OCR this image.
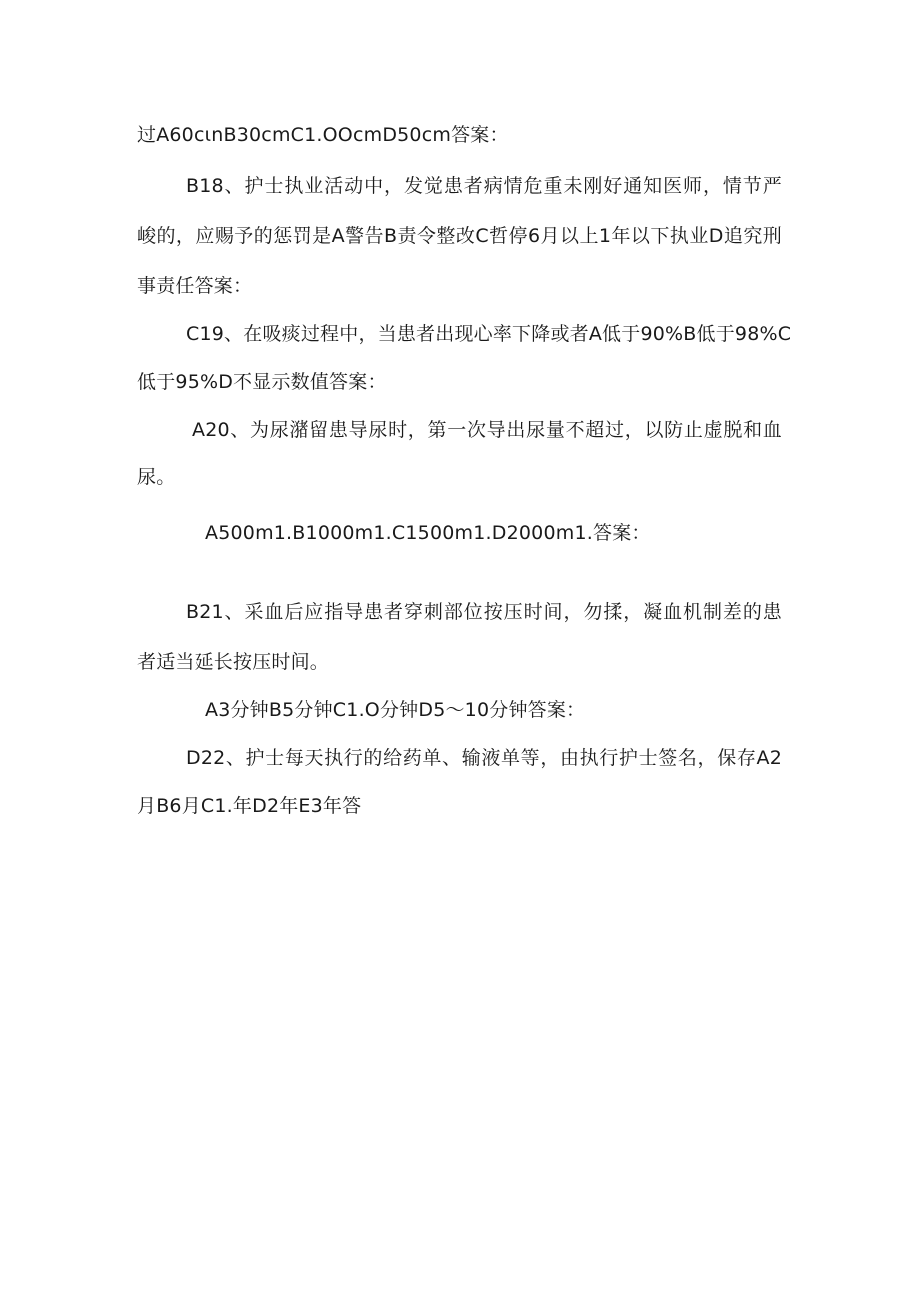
过A60cιnB30cmC1.OOcmD50cm答案：
B18、护士执业活动中，发觉患者病情危重未刚好通知医师，情节严
峻的，应赐予的惩罚是A警告B责令整改C哲停6月以上1年以下执业D追究刑
事责任答案：
C19、在吸痰过程中，当患者出现心率下降或者A低于90%B低于98%C
低于95%D不显示数值答案：
A20、为尿潴留患导尿时，第一次导出尿量不超过，以防止虚脱和血
尿。
A500m1.B1000m1.C1500m1.D2000m1.答案：
B21、采血后应指导患者穿刺部位按压时间，勿揉，凝血机制差的患
者适当延长按压时间。
A3分钟B5分钟C1.O分钟D5〜10分钟答案：
D22、护士每天执行的给药单、输液单等，由执行护士签名，保存A2
月B6月C1.年D2年E3年答
